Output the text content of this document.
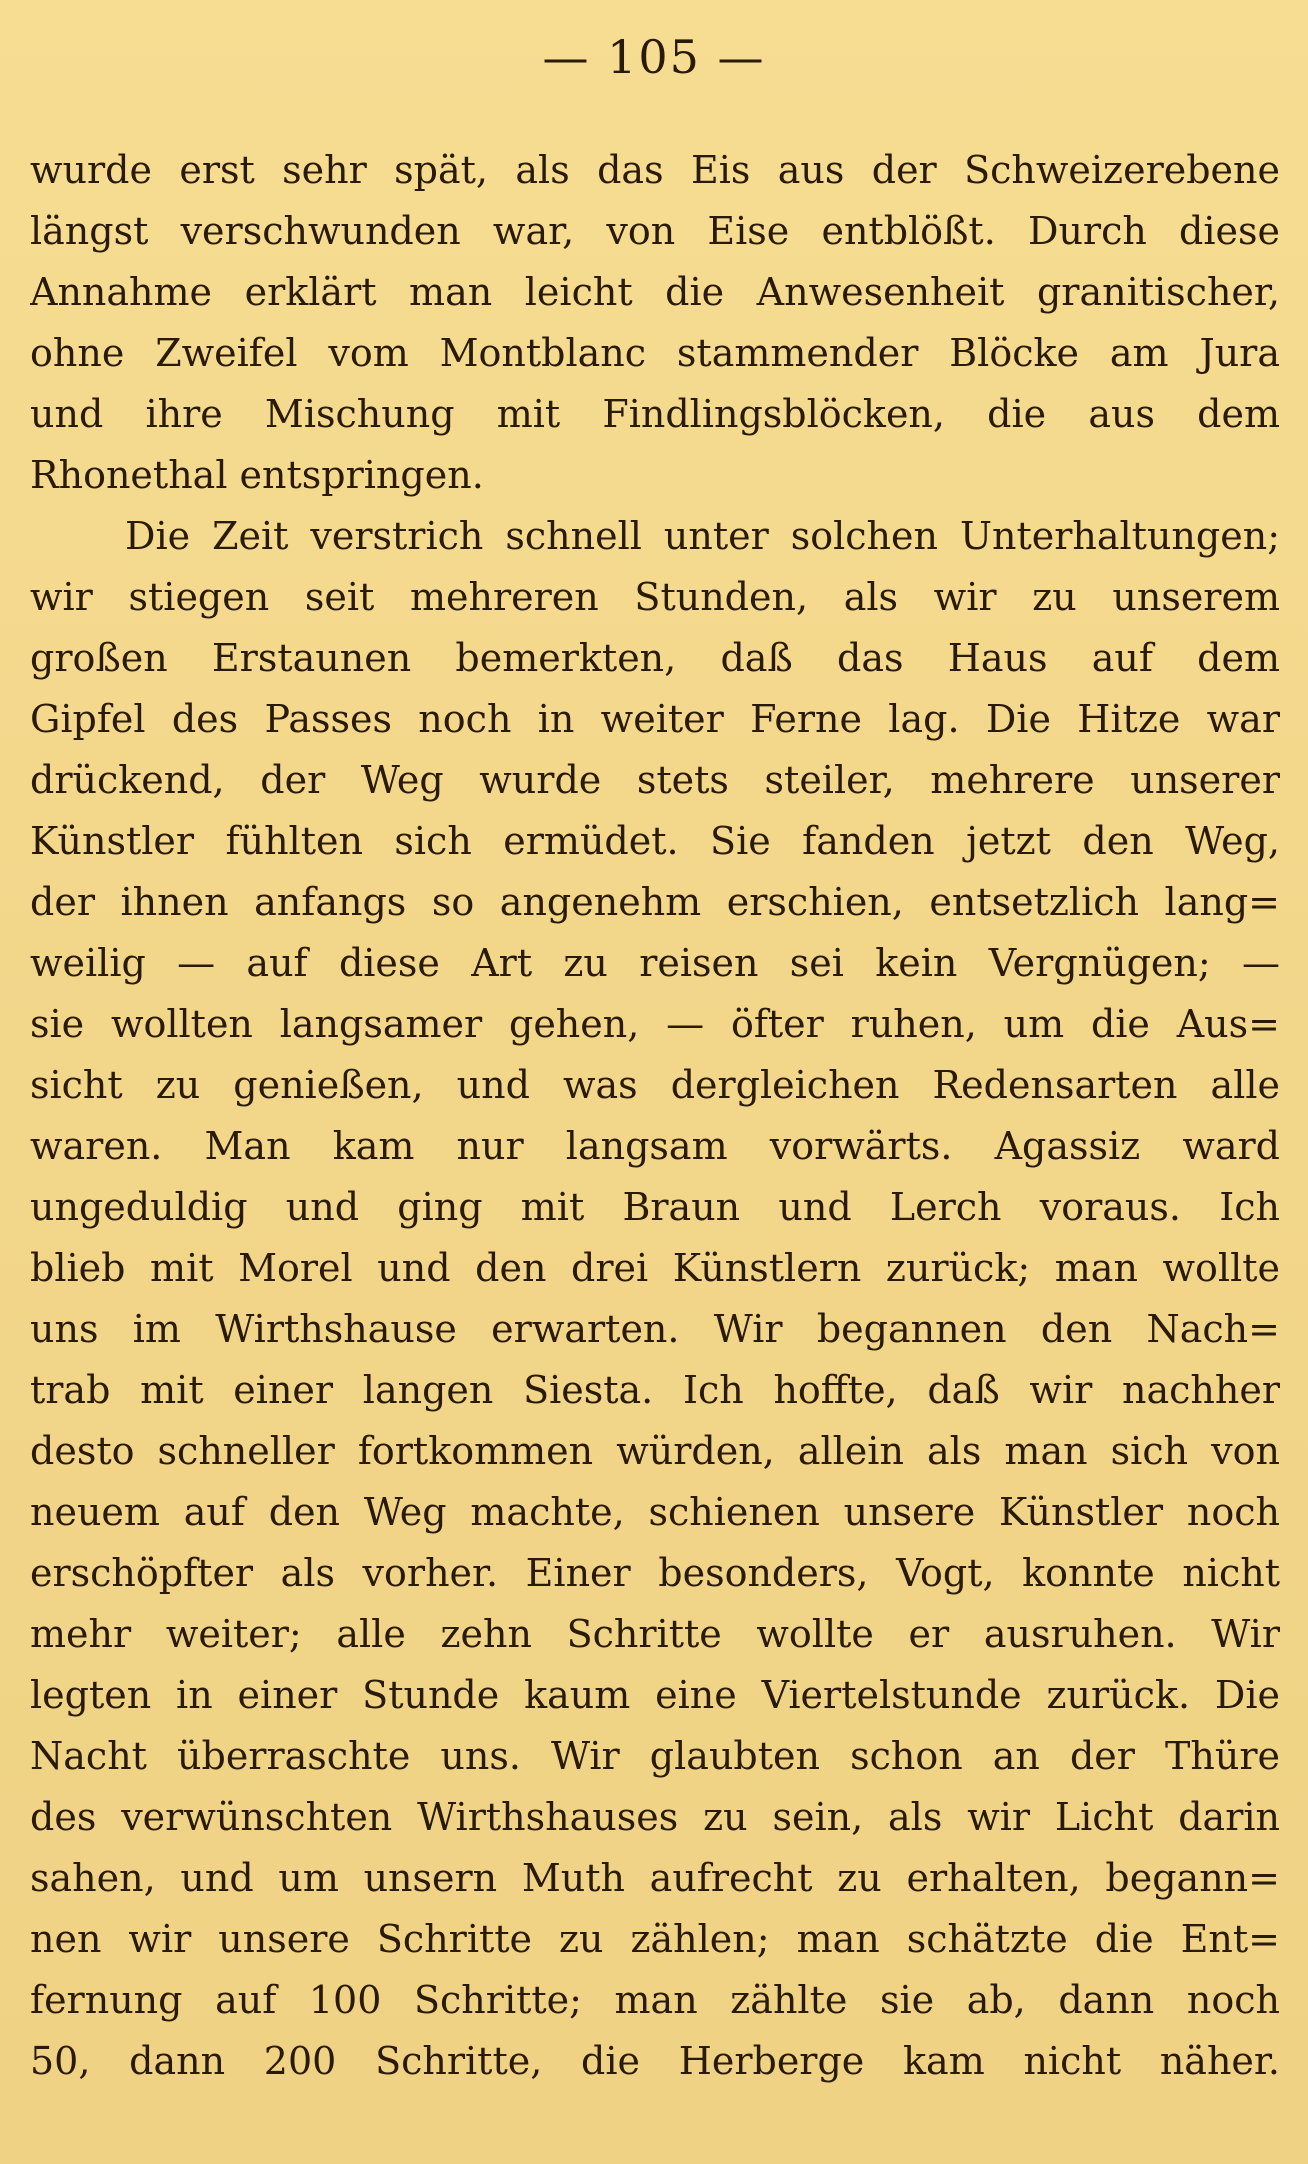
— 105 —
wurde erst sehr spät, als das Eis aus der Schweizerebene
längst verschwunden war, von Eise entblößt. Durch diese
Annahme erklärt man leicht die Anwesenheit granitischer,
ohne Zweifel vom Montblanc stammender Blöcke am Jura
und ihre Mischung mit Findlingsblöcken, die aus dem
Rhonethal entspringen.
Die Zeit verstrich schnell unter solchen Unterhaltungen;
wir stiegen seit mehreren Stunden, als wir zu unserem
großen Erstaunen bemerkten, daß das Haus auf dem
Gipfel des Passes noch in weiter Ferne lag. Die Hitze war
drückend, der Weg wurde stets steiler, mehrere unserer
Künstler fühlten sich ermüdet. Sie fanden jetzt den Weg,
der ihnen anfangs so angenehm erschien, entsetzlich lang=
weilig — auf diese Art zu reisen sei kein Vergnügen; —
sie wollten langsamer gehen, — öfter ruhen, um die Aus=
sicht zu genießen, und was dergleichen Redensarten alle
waren. Man kam nur langsam vorwärts. Agassiz ward
ungeduldig und ging mit Braun und Lerch voraus. Ich
blieb mit Morel und den drei Künstlern zurück; man wollte
uns im Wirthshause erwarten. Wir begannen den Nach=
trab mit einer langen Siesta. Ich hoffte, daß wir nachher
desto schneller fortkommen würden, allein als man sich von
neuem auf den Weg machte, schienen unsere Künstler noch
erschöpfter als vorher. Einer besonders, Vogt, konnte nicht
mehr weiter; alle zehn Schritte wollte er ausruhen. Wir
legten in einer Stunde kaum eine Viertelstunde zurück. Die
Nacht überraschte uns. Wir glaubten schon an der Thüre
des verwünschten Wirthshauses zu sein, als wir Licht darin
sahen, und um unsern Muth aufrecht zu erhalten, begann=
nen wir unsere Schritte zu zählen; man schätzte die Ent=
fernung auf 100 Schritte; man zählte sie ab, dann noch
50, dann 200 Schritte, die Herberge kam nicht näher.
